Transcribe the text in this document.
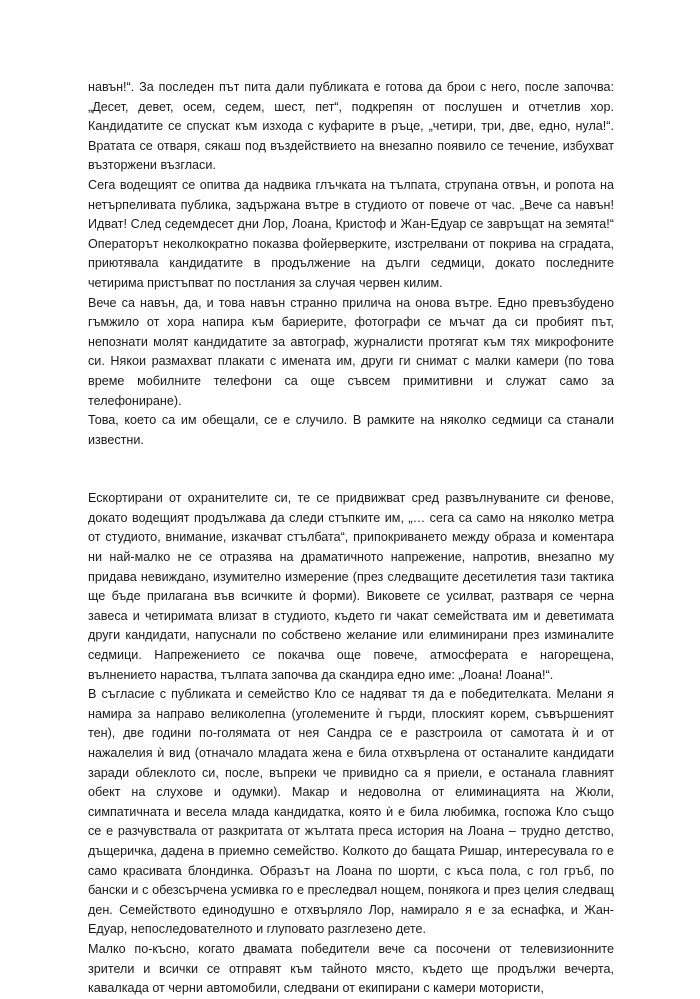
навън!“. За последен път пита дали публиката е готова да брои с него, после започва: „Десет, девет, осем, седем, шест, пет“, подкрепян от послушен и отчетлив хор. Кандидатите се спускат към изхода с куфарите в ръце, „четири, три, две, едно, нула!“. Вратата се отваря, сякаш под въздействието на внезапно появило се течение, избухват възторжени възгласи.

Сега водещият се опитва да надвика глъчката на тълпата, струпана отвън, и ропота на нетърпеливата публика, задържана вътре в студиото от повече от час. „Вече са навън! Идват! След седемдесет дни Лор, Лоана, Кристоф и Жан-Едуар се завръщат на земята!“ Операторът неколкократно показва фойерверките, изстрелвани от покрива на сградата, приютявала кандидатите в продължение на дълги седмици, докато последните четирима пристъпват по постлания за случая червен килим.

Вече са навън, да, и това навън странно прилича на онова вътре. Едно превъзбудено гъмжило от хора напира към бариерите, фотографи се мъчат да си пробият път, непознати молят кандидатите за автограф, журналисти протягат към тях микрофоните си. Някои размахват плакати с имената им, други ги снимат с малки камери (по това време мобилните телефони са още съвсем примитивни и служат само за телефониране).

Това, което са им обещали, се е случило. В рамките на няколко седмици са станали известни.

Ескортирани от охранителите си, те се придвижват сред развълнуваните си фенове, докато водещият продължава да следи стъпките им, „… сега са само на няколко метра от студиото, внимание, изкачват стълбата“, припокриването между образа и коментара ни най-малко не се отразява на драматичното напрежение, напротив, внезапно му придава невиждано, изумително измерение (през следващите десетилетия тази тактика ще бъде прилагана във всичките ѝ форми). Виковете се усилват, разтваря се черна завеса и четиримата влизат в студиото, където ги чакат семействата им и деветимата други кандидати, напуснали по собствено желание или елиминирани през изминалите седмици. Напрежението се покачва още повече, атмосферата е нагорещена, вълнението нараства, тълпата започва да скандира едно име: „Лоана! Лоана!“.

В съгласие с публиката и семейство Кло се надяват тя да е победителката. Мелани я намира за направо великолепна (уголемените ѝ гърди, плоският корем, съвършеният тен), две години по-голямата от нея Сандра се е разстроила от самотата ѝ и от нажалелия ѝ вид (отначало младата жена е била отхвърлена от останалите кандидати заради облеклото си, после, въпреки че привидно са я приели, е останала главният обект на слухове и одумки). Макар и недоволна от елиминацията на Жюли, симпатичната и весела млада кандидатка, която ѝ е била любимка, госпожа Кло също се е разчувствала от разкритата от жълтата преса история на Лоана – трудно детство, дъщеричка, дадена в приемно семейство. Колкото до бащата Ришар, интересувала го е само красивата блондинка. Образът на Лоана по шорти, с къса пола, с гол гръб, по бански и с обезсърчена усмивка го е преследвал нощем, понякога и през целия следващ ден. Семейството единодушно е отхвърляло Лор, намирало я е за еснафка, и Жан-Едуар, непоследователното и глуповато разглезено дете.

Малко по-късно, когато двамата победители вече са посочени от телевизионните зрители и всички се отправят към тайното място, където ще продължи вечерта, кавалкада от черни автомобили, следвани от екипирани с камери мотористи,
